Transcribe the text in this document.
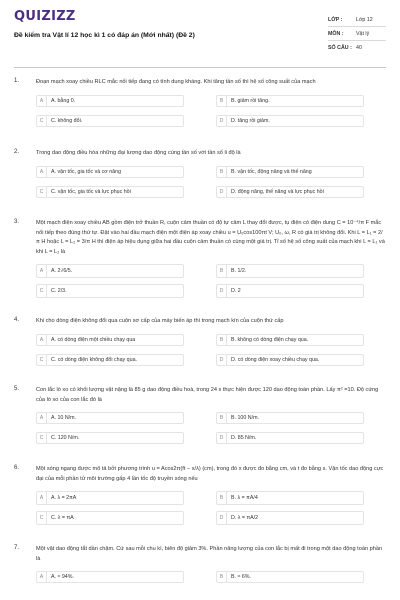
QUIZIZZ
Đề kiểm tra Vật lí 12 học kì 1 có đáp án (Mới nhất) (Đề 2)
LỚP :	Lớp 12
MÔN :	Vật lý
SỐ CÂU : 40
1.	Đoạn mạch xoay chiều RLC mắc nối tiếp đang có tính dung kháng. Khi tăng tần số thì hệ số công suất của mạch
A	A. bằng 0.	B	B. giảm rồi tăng.
C	C. không đổi.	D	D. tăng rồi giảm.
2.	Trong dao động điều hòa những đại lượng dao động cùng tần số với tần số li độ là
A	A. vận tốc, gia tốc và cơ năng	B	B. vận tốc, động năng và thế năng
C	C. vận tốc, gia tốc và lực phục hồi	D	D. động năng, thế năng và lực phục hồi
3.	Một mạch điện xoay chiều AB gồm điện trở thuần R, cuộn cảm thuần có độ tự cảm L thay đổi được, tụ điện có điện dung C = 10⁻⁴/π F mắc nối tiếp theo đúng thứ tự. Đặt vào hai đầu mạch điện một điện áp xoay chiều u = U₀cos100πt V; U₀, ω, R có giá trị không đổi. Khi L = L₁ = 2/π H hoặc L = L₂ = 3/π H thì điện áp hiệu dụng giữa hai đầu cuộn cảm thuần có cùng một giá trị. Tỉ số hệ số công suất của mạch khi L = L₁ và khi L = L₂ là
A	A. 2√6/5.	B	B. 1/2.
C	C. 2/3.	D	D. 2
4.	Khi cho dòng điện không đổi qua cuộn sơ cấp của máy biến áp thì trong mạch kín của cuộn thứ cấp
A	A. có dòng điện một chiều chạy qua	B	B. không có dòng điện chạy qua.
C	C. có dòng điện không đổi chạy qua.	D	D. có dòng điện xoay chiều chạy qua.
5.	Con lắc lò xo có khối lượng vật nặng là 85 g dao động điều hoà, trong 24 s thực hiện được 120 dao động toàn phần. Lấy π² =10. Độ cứng của lò xo của con lắc đó là
A	A. 10 N/m.	B	B. 100 N/m.
C	C. 120 N/m.	D	D. 85 N/m.
6.	Một sóng ngang được mô tả bởi phương trình u = Acos2π(ft − x/λ) (cm), trong đó x được đo bằng cm, và t đo bằng s. Vận tốc dao động cực đại của mỗi phần tử môi trường gấp 4 lần tốc độ truyền sóng nếu
A	A. λ = 2πA	B	B. λ = πA/4
C	C. λ = πA	D	D. λ = πA/2
7.	Một vật dao động tắt dần chậm. Cứ sau mỗi chu kì, biên độ giảm 3%. Phần năng lượng của con lắc bị mất đi trong một dao động toàn phần là
A	A. ≈ 94%.	B	B. ≈ 6%.
